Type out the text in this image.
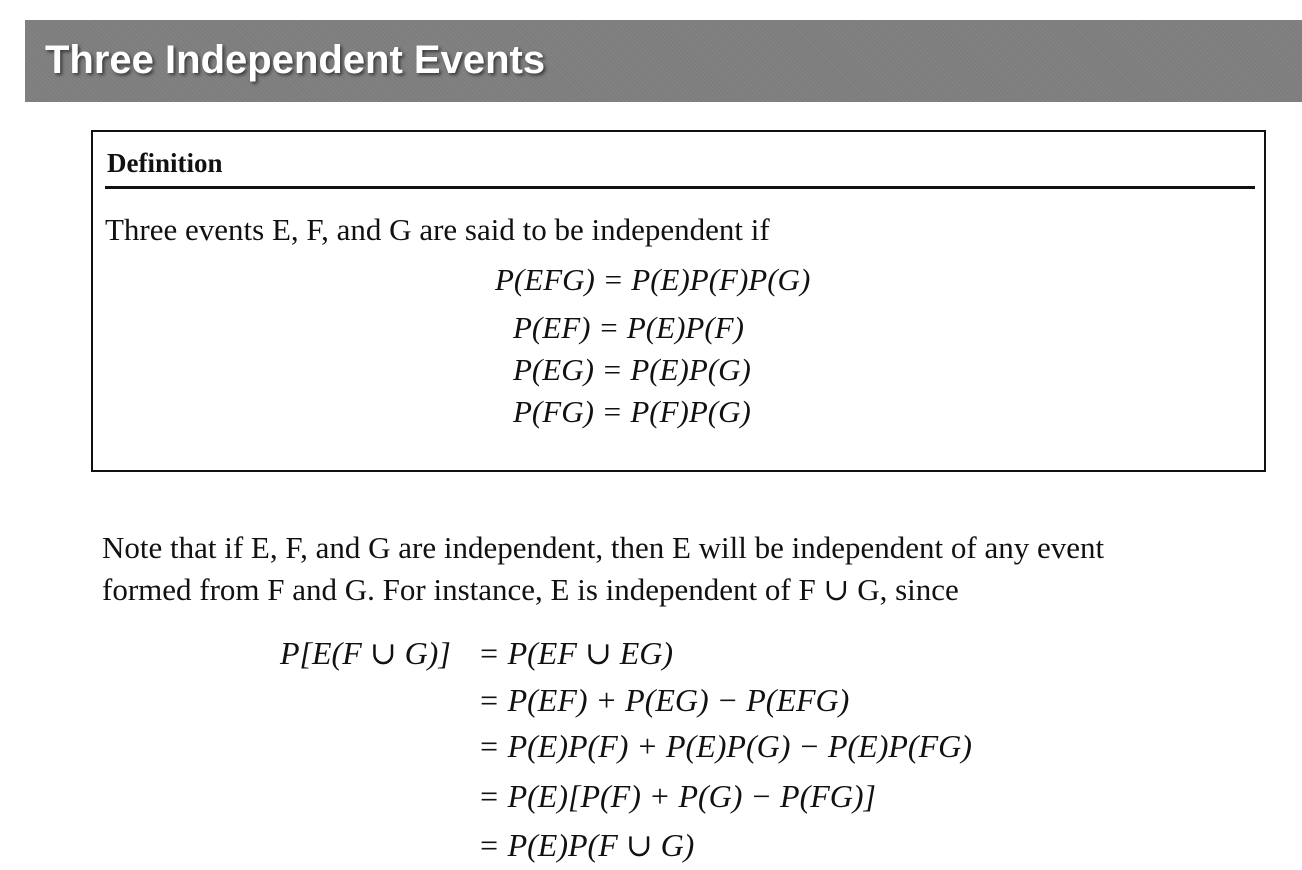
Three Independent Events
Definition
Three events E, F, and G are said to be independent if
P(EFG) = P(E)P(F)P(G)
P(EF) = P(E)P(F)
P(EG) = P(E)P(G)
P(FG) = P(F)P(G)
Note that if E, F, and G are independent, then E will be independent of any event
formed from F and G. For instance, E is independent of F ∪ G, since
P[E(F ∪ G)] = P(EF ∪ EG)
= P(EF) + P(EG) − P(EFG)
= P(E)P(F) + P(E)P(G) − P(E)P(FG)
= P(E)[P(F) + P(G) − P(FG)]
= P(E)P(F ∪ G)
